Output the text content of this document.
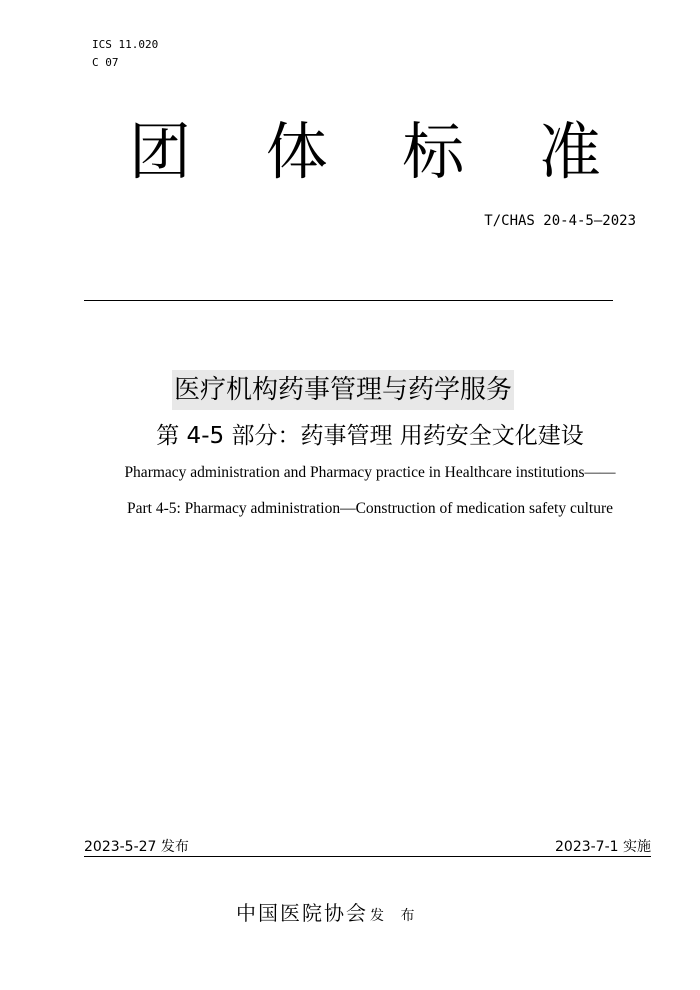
ICS 11.020
C 07
团 体 标 准
T/CHAS 20-4-5—2023
医疗机构药事管理与药学服务
第 4-5 部分：药事管理 用药安全文化建设
Pharmacy administration and Pharmacy practice in Healthcare institutions——
Part 4-5: Pharmacy administration—Construction of medication safety culture
2023-5-27 发布	2023-7-1 实施
中国医院协会 发 布
